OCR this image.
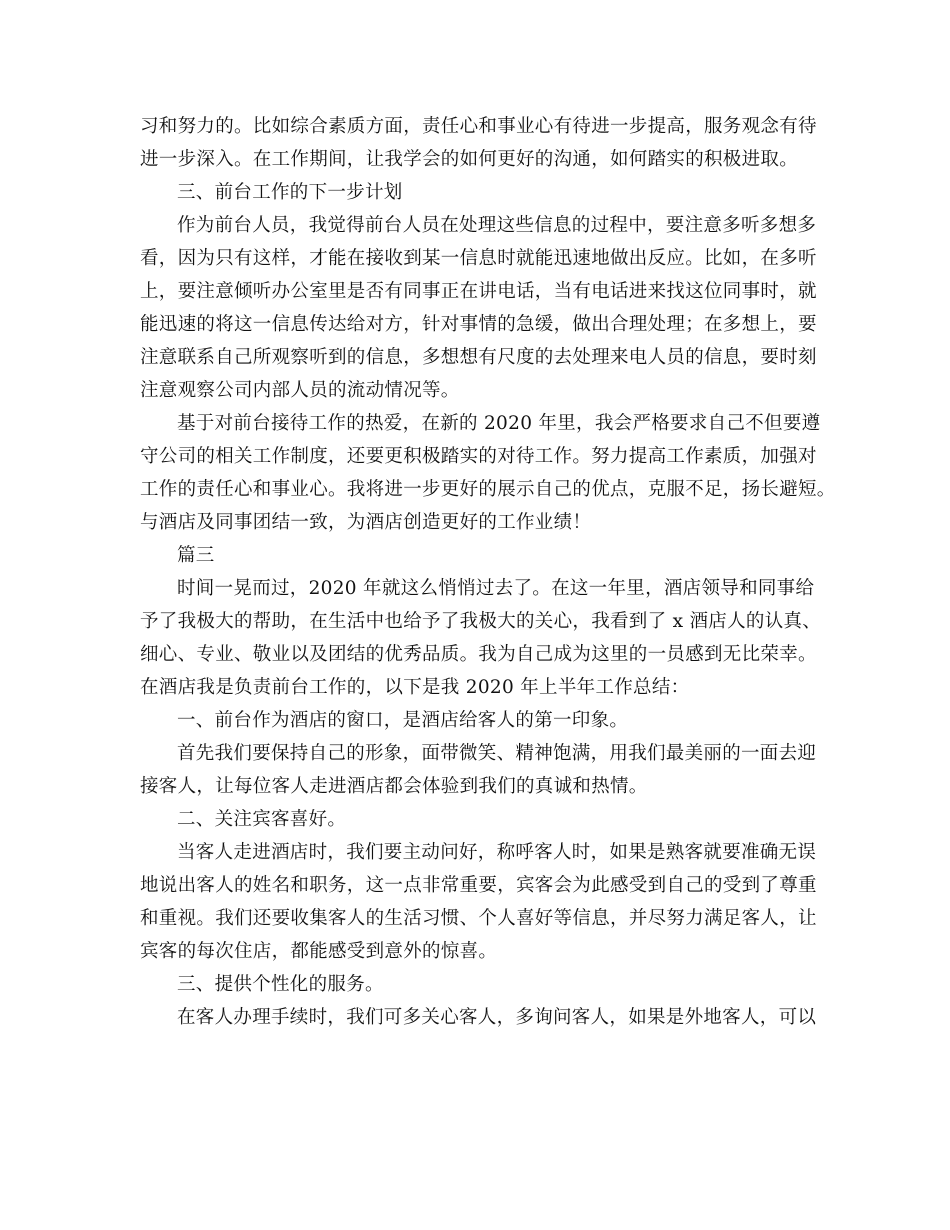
习和努力的。比如综合素质方面，责任心和事业心有待进一步提高，服务观念有待
进一步深入。在工作期间，让我学会的如何更好的沟通，如何踏实的积极进取。
三、前台工作的下一步计划
作为前台人员，我觉得前台人员在处理这些信息的过程中，要注意多听多想多
看，因为只有这样，才能在接收到某一信息时就能迅速地做出反应。比如，在多听
上，要注意倾听办公室里是否有同事正在讲电话，当有电话进来找这位同事时，就
能迅速的将这一信息传达给对方，针对事情的急缓，做出合理处理；在多想上，要
注意联系自己所观察听到的信息，多想想有尺度的去处理来电人员的信息，要时刻
注意观察公司内部人员的流动情况等。
基于对前台接待工作的热爱，在新的 2020 年里，我会严格要求自己不但要遵
守公司的相关工作制度，还要更积极踏实的对待工作。努力提高工作素质，加强对
工作的责任心和事业心。我将进一步更好的展示自己的优点，克服不足，扬长避短。
与酒店及同事团结一致，为酒店创造更好的工作业绩！
篇三
时间一晃而过，2020 年就这么悄悄过去了。在这一年里，酒店领导和同事给
予了我极大的帮助，在生活中也给予了我极大的关心，我看到了 x 酒店人的认真、
细心、专业、敬业以及团结的优秀品质。我为自己成为这里的一员感到无比荣幸。
在酒店我是负责前台工作的，以下是我 2020 年上半年工作总结：
一、前台作为酒店的窗口，是酒店给客人的第一印象。
首先我们要保持自己的形象，面带微笑、精神饱满，用我们最美丽的一面去迎
接客人，让每位客人走进酒店都会体验到我们的真诚和热情。
二、关注宾客喜好。
当客人走进酒店时，我们要主动问好，称呼客人时，如果是熟客就要准确无误
地说出客人的姓名和职务，这一点非常重要，宾客会为此感受到自己的受到了尊重
和重视。我们还要收集客人的生活习惯、个人喜好等信息，并尽努力满足客人，让
宾客的每次住店，都能感受到意外的惊喜。
三、提供个性化的服务。
在客人办理手续时，我们可多关心客人，多询问客人，如果是外地客人，可以
